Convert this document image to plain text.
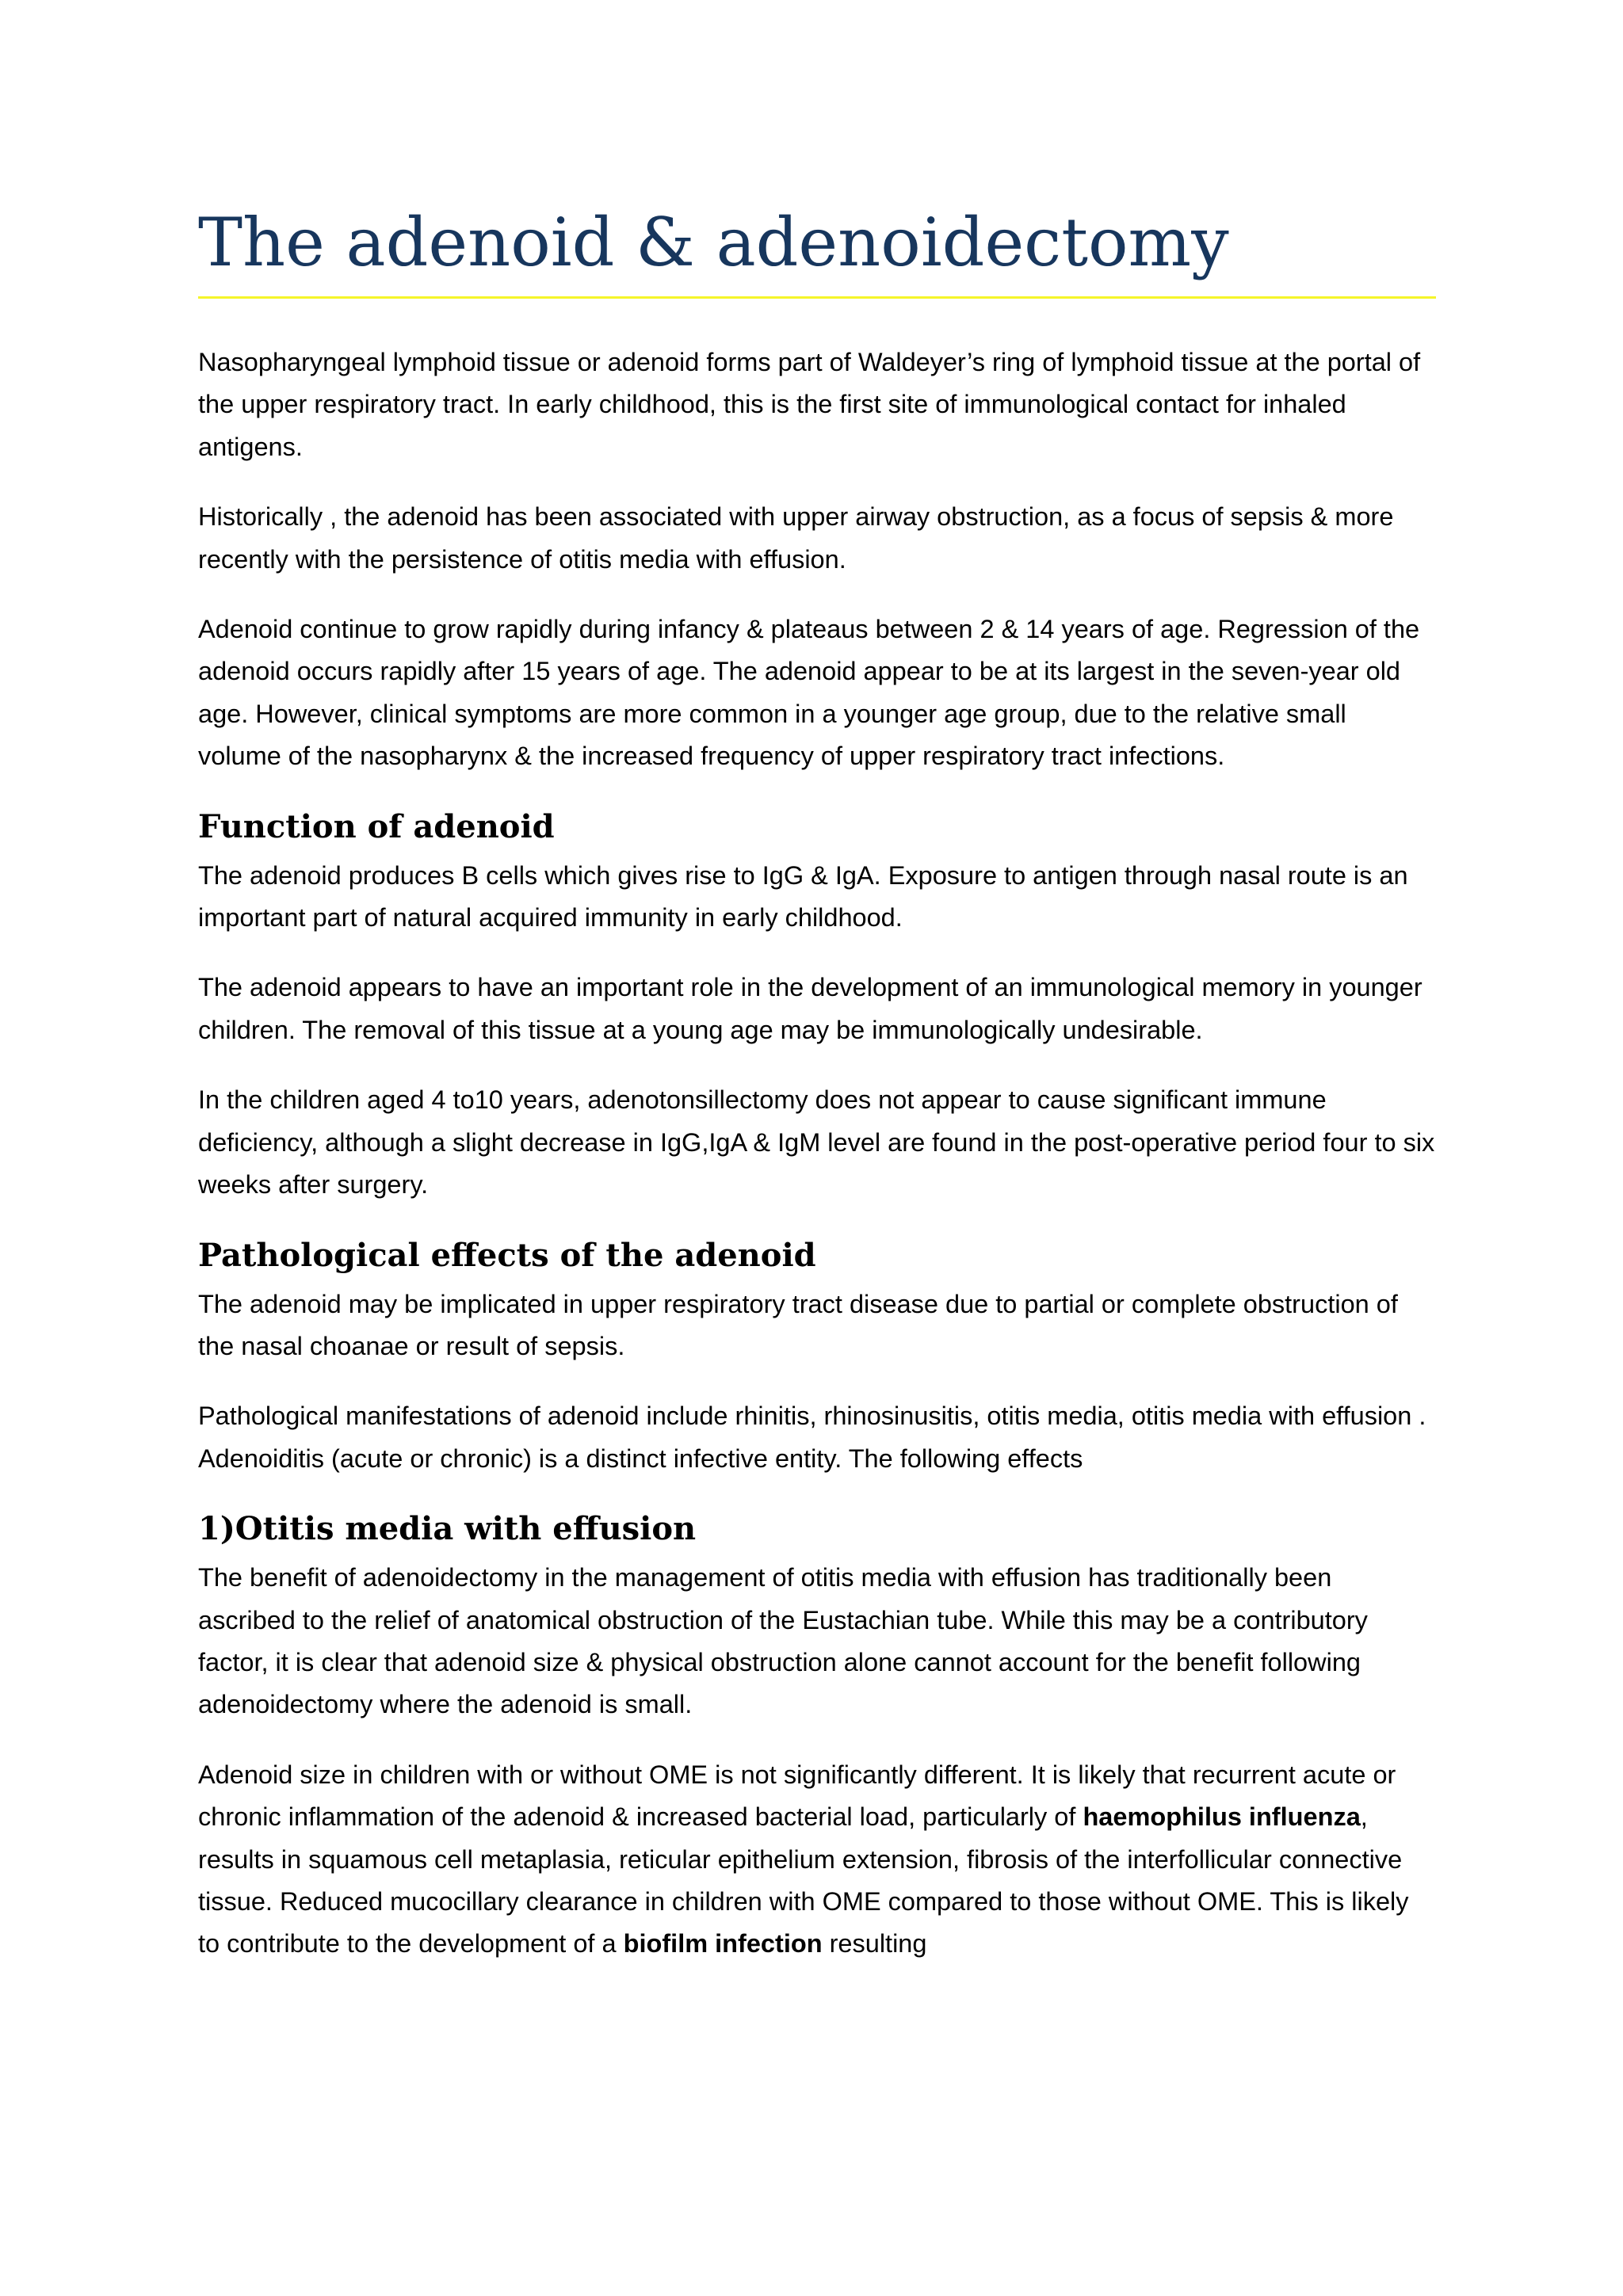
The adenoid & adenoidectomy

Nasopharyngeal lymphoid tissue or adenoid forms part of Waldeyer’s ring of lymphoid tissue at the portal of the upper respiratory tract. In early childhood, this is the first site of immunological contact for inhaled antigens.

Historically , the adenoid has been associated with upper airway obstruction, as a focus of sepsis & more recently with the persistence of otitis media with effusion.

Adenoid continue to grow rapidly during infancy & plateaus between 2 & 14 years of age. Regression of the adenoid occurs rapidly after 15 years of age. The adenoid appear to be at its largest in the seven-year old age. However, clinical symptoms are more common in a younger age group, due to the relative small volume of the nasopharynx & the increased frequency of upper respiratory tract infections.

Function of adenoid

The adenoid produces B cells which gives rise to IgG & IgA. Exposure to antigen through nasal route is an important part of natural acquired immunity in early childhood.

The adenoid appears to have an important role in the development of an immunological memory in younger children. The removal of this tissue at a young age may be immunologically undesirable.

In the children aged 4 to10 years, adenotonsillectomy does not appear to cause significant immune deficiency, although a slight decrease in IgG,IgA & IgM level are found in the post-operative period four to six weeks after surgery.

Pathological effects of the adenoid

The adenoid may be implicated in upper respiratory tract disease due to partial or complete obstruction of the nasal choanae or result of sepsis.

Pathological manifestations of adenoid include rhinitis, rhinosinusitis, otitis media, otitis media with effusion . Adenoiditis (acute or chronic) is a distinct infective entity. The following effects

1)Otitis media with effusion

The benefit of adenoidectomy in the management of otitis media with effusion has traditionally been ascribed to the relief of anatomical obstruction of the Eustachian tube. While this may be a contributory factor, it is clear that adenoid size & physical obstruction alone cannot account for the benefit following adenoidectomy where the adenoid is small.

Adenoid size in children with or without OME is not significantly different. It is likely that recurrent acute or chronic inflammation of the adenoid & increased bacterial load, particularly of haemophilus influenza, results in squamous cell metaplasia, reticular epithelium extension, fibrosis of the interfollicular connective tissue. Reduced mucocillary clearance in children with OME compared to those without OME. This is likely to contribute to the development of a biofilm infection resulting
